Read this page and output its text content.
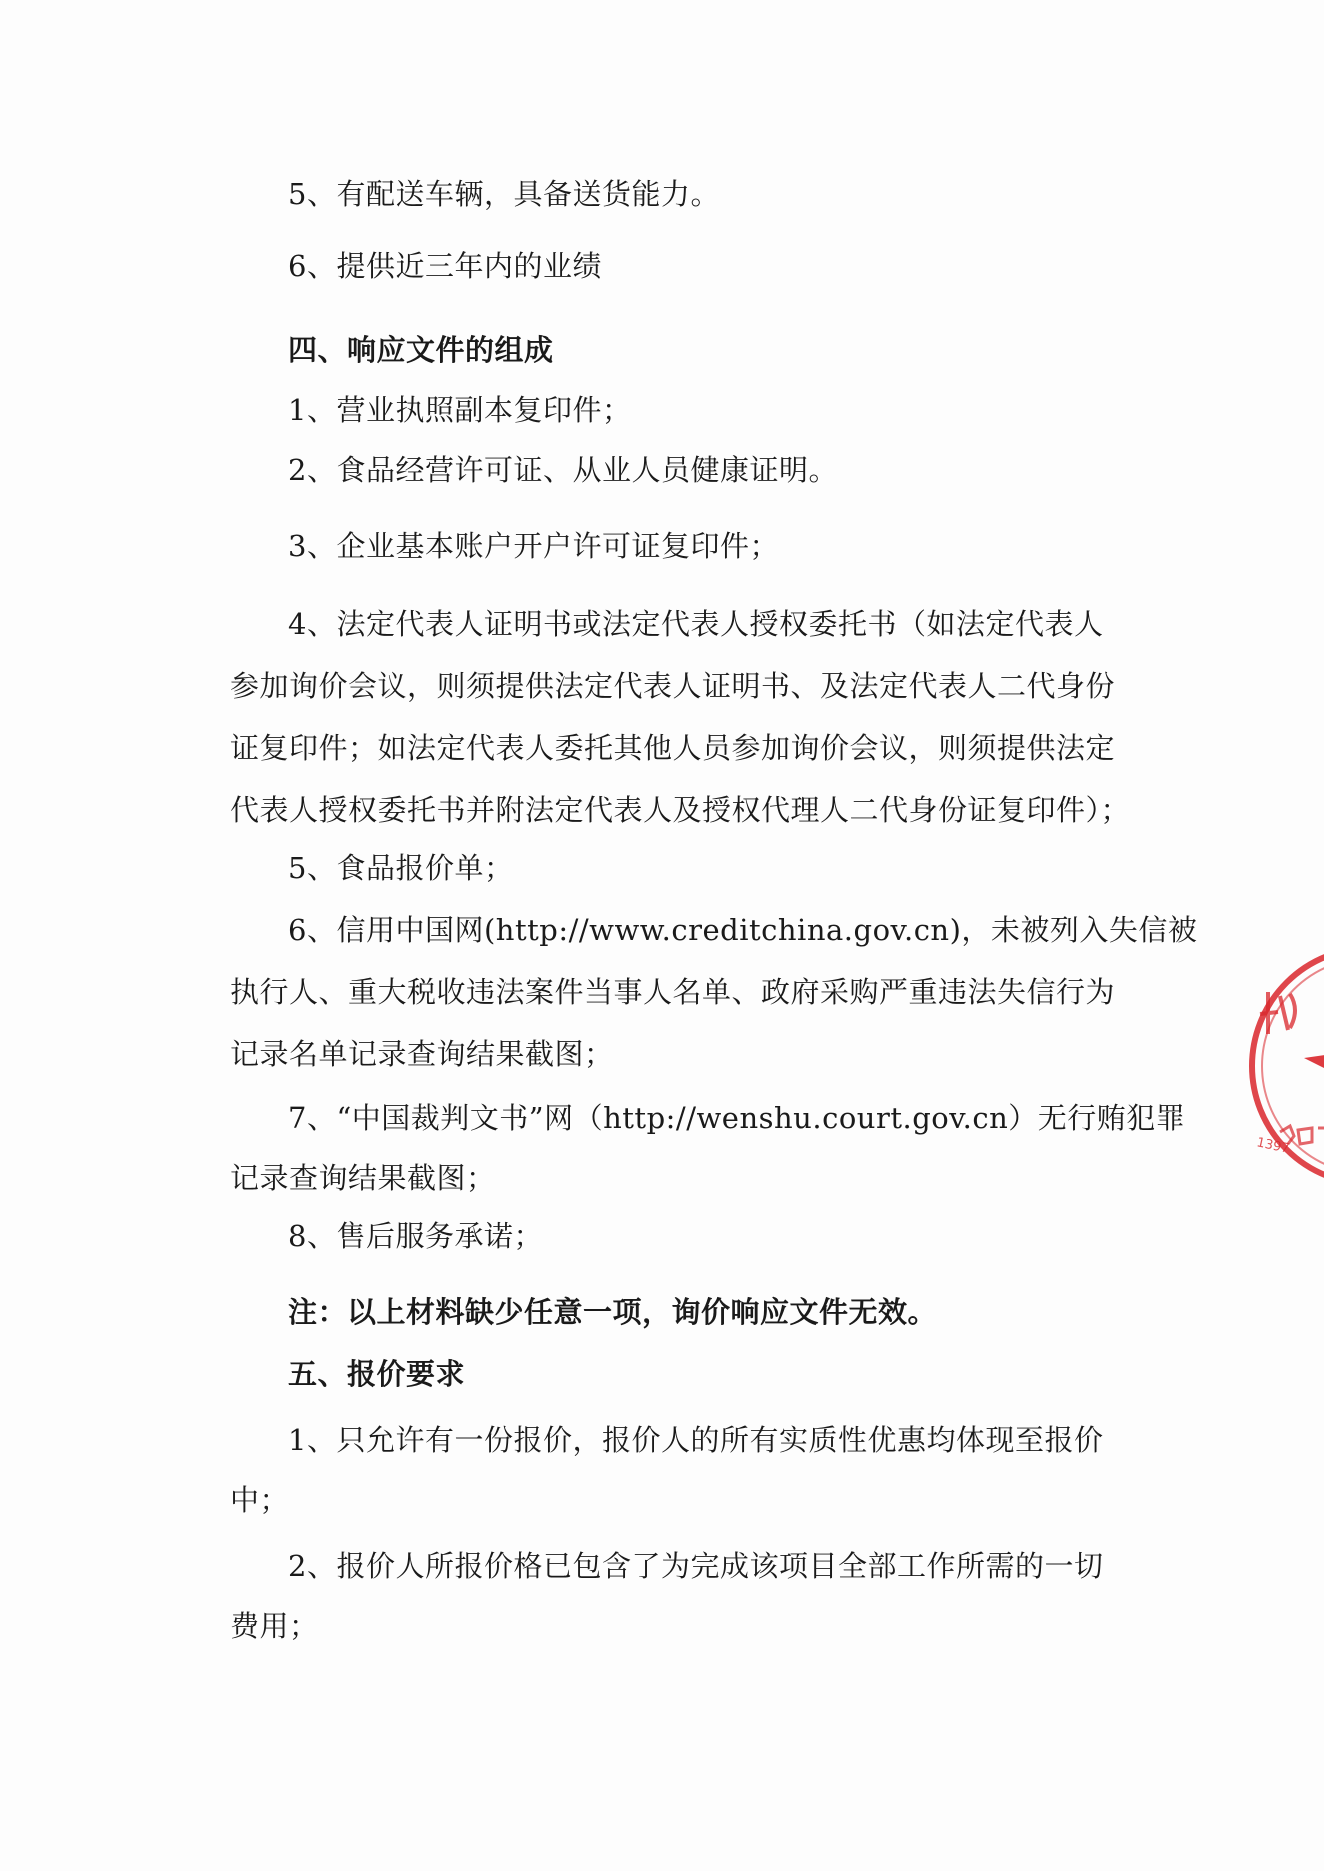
5、有配送车辆，具备送货能力。

6、提供近三年内的业绩

四、响应文件的组成

1、营业执照副本复印件；

2、食品经营许可证、从业人员健康证明。

3、企业基本账户开户许可证复印件；

4、法定代表人证明书或法定代表人授权委托书（如法定代表人

参加询价会议，则须提供法定代表人证明书、及法定代表人二代身份

证复印件；如法定代表人委托其他人员参加询价会议，则须提供法定

代表人授权委托书并附法定代表人及授权代理人二代身份证复印件）；

5、食品报价单；

6、信用中国网(http://www.creditchina.gov.cn)，未被列入失信被

执行人、重大税收违法案件当事人名单、政府采购严重违法失信行为

记录名单记录查询结果截图；

7、“中国裁判文书”网（http://wenshu.court.gov.cn）无行贿犯罪

记录查询结果截图；

8、售后服务承诺；

注：以上材料缺少任意一项，询价响应文件无效。

五、报价要求

1、只允许有一份报价，报价人的所有实质性优惠均体现至报价

中；

2、报价人所报价格已包含了为完成该项目全部工作所需的一切

费用；

1397
